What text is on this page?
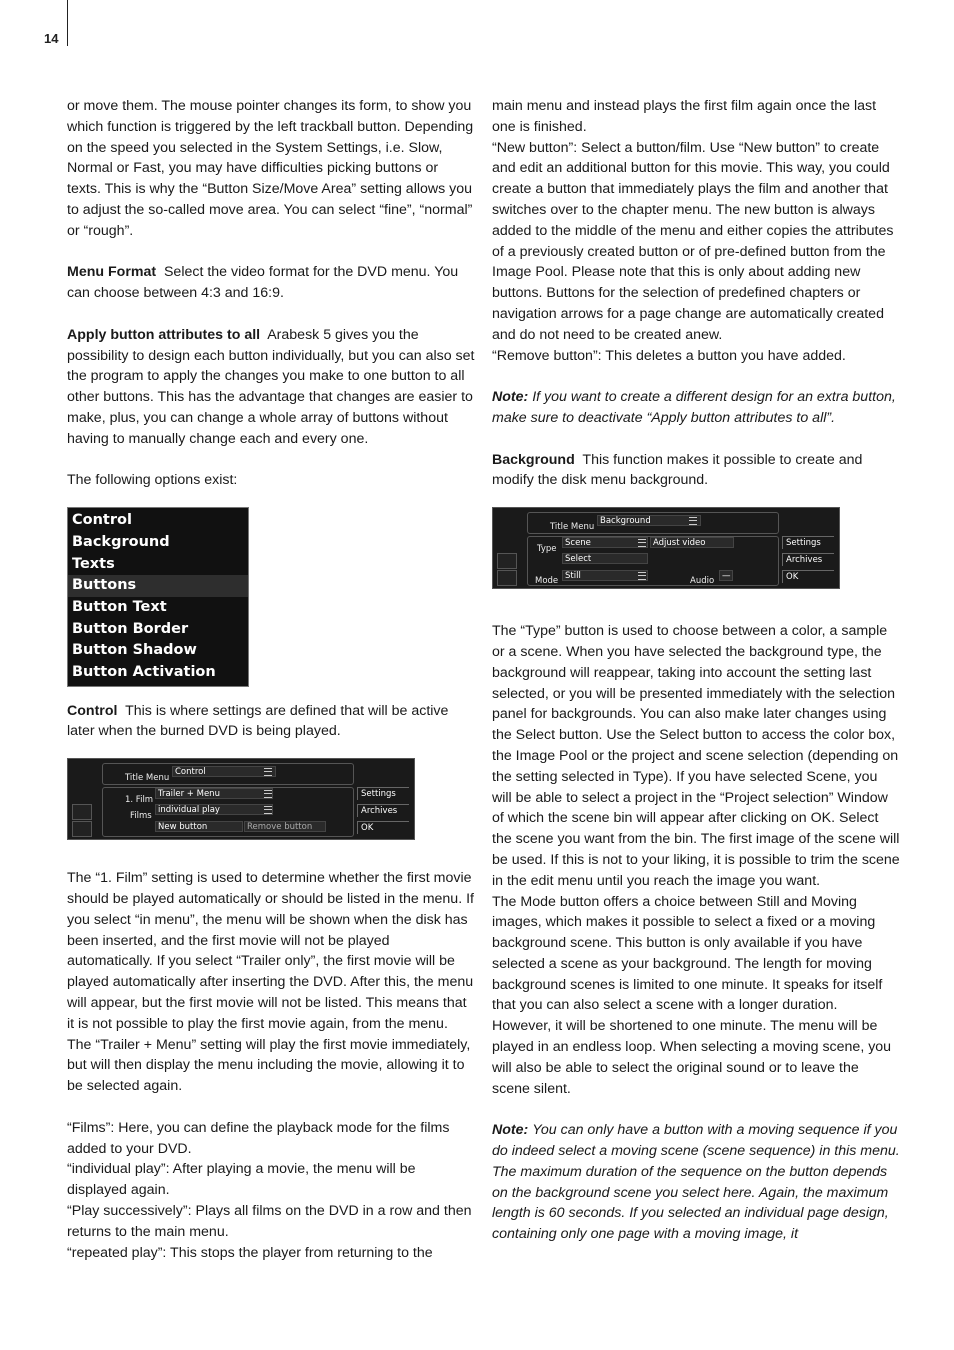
14

or move them. The mouse pointer changes its form, to show you which function is triggered by the left trackball button. Depending on the speed you selected in the System Settings, i.e. Slow, Normal or Fast, you may have difficulties picking buttons or texts. This is why the “Button Size/Move Area” setting allows you to adjust the so-called move area. You can select “fine”, “normal” or “rough”.

Menu Format Select the video format for the DVD menu. You can choose between 4:3 and 16:9.

Apply button attributes to all Arabesk 5 gives you the possibility to design each button individually, but you can also set the program to apply the changes you make to one button to all other buttons. This has the advantage that changes are easier to make, plus, you can change a whole array of buttons without having to manually change each and every one.

The following options exist:

Control
Background
Texts
Buttons
Button Text
Button Border
Button Shadow
Button Activation

Control This is where settings are defined that will be active later when the burned DVD is being played.

Title Menu
Control
1. Film
Trailer + Menu
Films
individual play
New button	Remove button
Settings
Archives
OK

The “1. Film” setting is used to determine whether the first movie should be played automatically or should be listed in the menu. If you select “in menu”, the menu will be shown when the disk has been inserted, and the first movie will not be played automatically. If you select “Trailer only”, the first movie will be played automatically after inserting the DVD. After this, the menu will appear, but the first movie will not be listed. This means that it is not possible to play the first movie again, from the menu. The “Trailer + Menu” setting will play the first movie immediately, but will then display the menu including the movie, allowing it to be selected again.

“Films”: Here, you can define the playback mode for the films added to your DVD.

“individual play”: After playing a movie, the menu will be displayed again.

“Play successively”: Plays all films on the DVD in a row and then returns to the main menu.

“repeated play”: This stops the player from returning to the

main menu and instead plays the first film again once the last one is finished.

“New button”: Select a button/film. Use “New button” to create and edit an additional button for this movie. This way, you could create a button that immediately plays the film and another that switches over to the chapter menu. The new button is always added to the middle of the menu and either copies the attributes of a previously created button or of pre-defined button from the Image Pool. Please note that this is only about adding new buttons. Buttons for the selection of predefined chapters or navigation arrows for a page change are automatically created and do not need to be created anew.

“Remove button”: This deletes a button you have added.

Note: If you want to create a different design for an extra button, make sure to deactivate “Apply button attributes to all”.

Background This function makes it possible to create and modify the disk menu background.

Title Menu
Background
Type
Scene	Adjust video
Select
Mode Still	Audio —
Settings
Archives
OK

The “Type” button is used to choose between a color, a sample or a scene. When you have selected the background type, the background will reappear, taking into account the setting last selected, or you will be presented immediately with the selection panel for backgrounds. You can also make later changes using the Select button. Use the Select button to access the color box, the Image Pool or the project and scene selection (depending on the setting selected in Type). If you have selected Scene, you will be able to select a project in the “Project selection” Window of which the scene bin will appear after clicking on OK. Select the scene you want from the bin. The first image of the scene will be used. If this is not to your liking, it is possible to trim the scene in the edit menu until you reach the image you want.

The Mode button offers a choice between Still and Moving images, which makes it possible to select a fixed or a moving background scene. This button is only available if you have selected a scene as your background. The length for moving background scenes is limited to one minute. It speaks for itself that you can also select a scene with a longer duration. However, it will be shortened to one minute. The menu will be played in an endless loop. When selecting a moving scene, you will also be able to select the original sound or to leave the scene silent.

Note: You can only have a button with a moving sequence if you do indeed select a moving scene (scene sequence) in this menu. The maximum duration of the sequence on the button depends on the background scene you select here. Again, the maximum length is 60 seconds. If you selected an individual page design, containing only one page with a moving image, it
